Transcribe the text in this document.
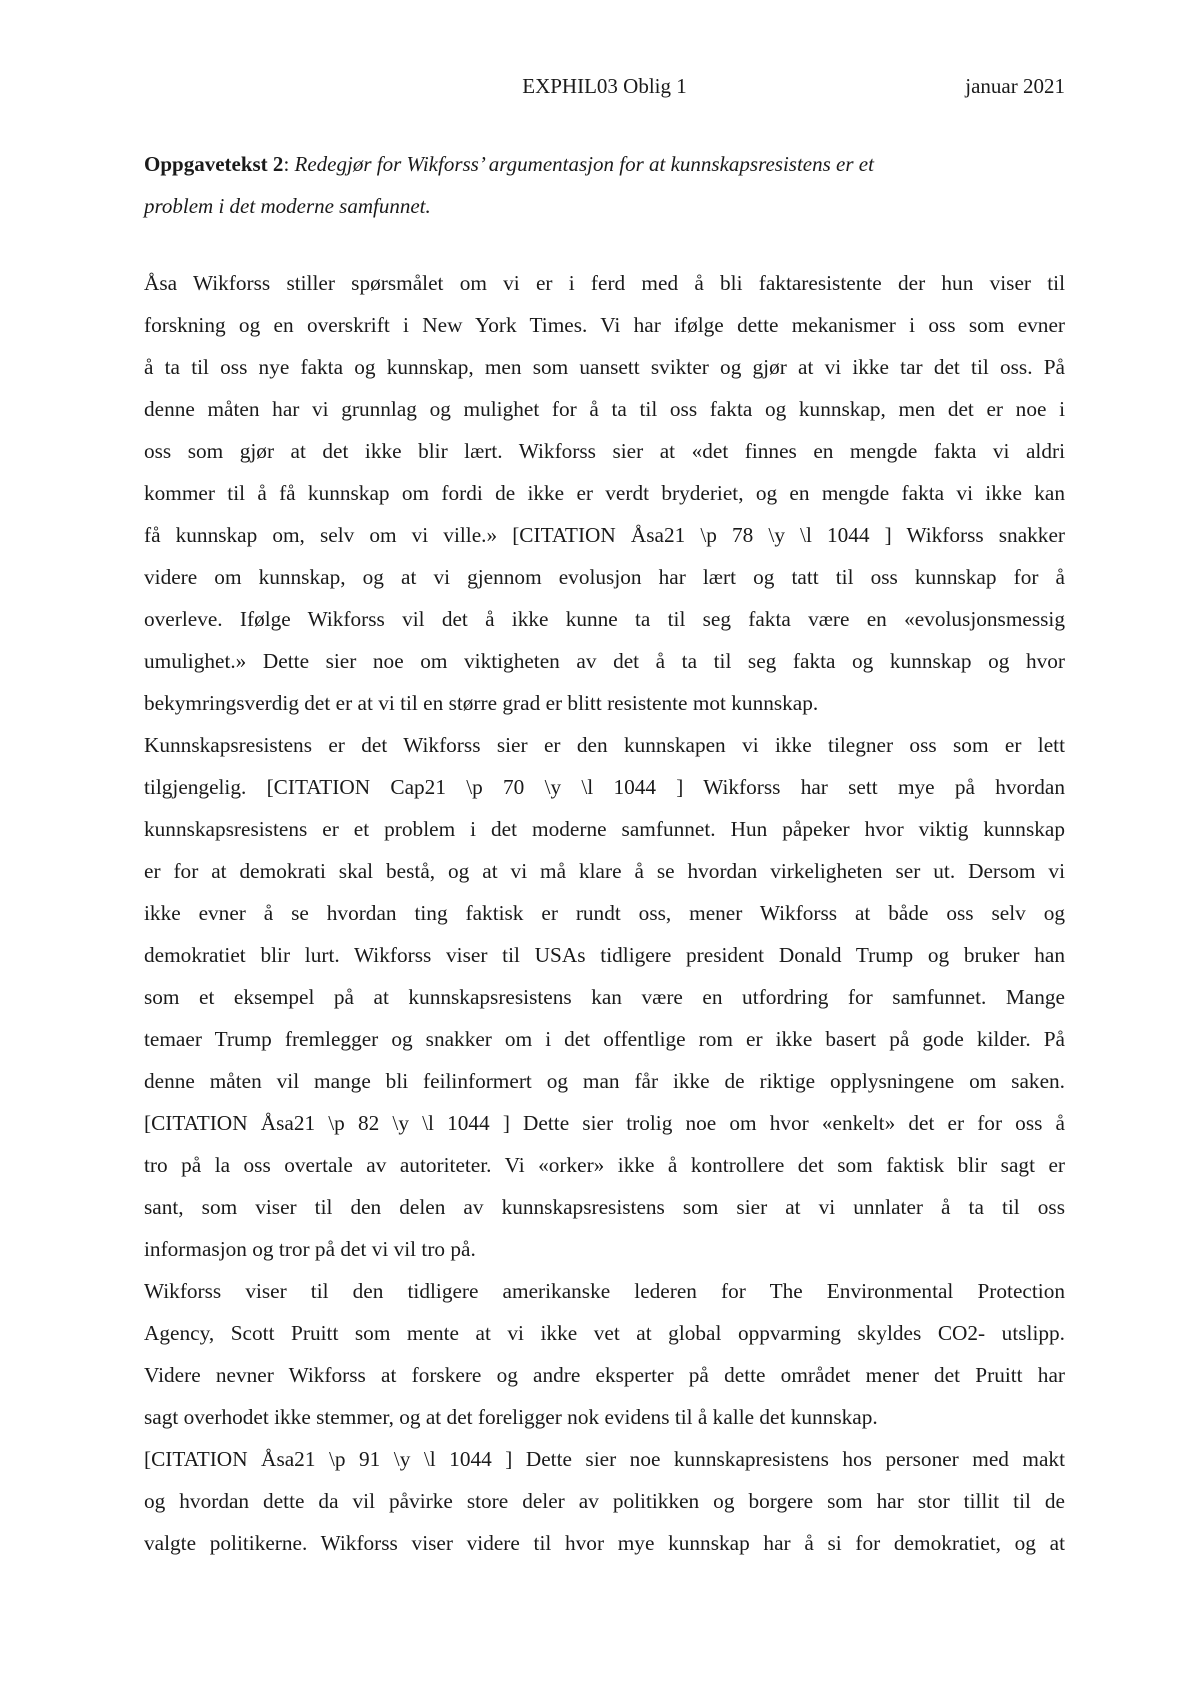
EXPHIL03 Oblig 1	januar 2021
Oppgavetekst 2: Redegjør for Wikforss’ argumentasjon for at kunnskapsresistens er et
problem i det moderne samfunnet.

Åsa Wikforss stiller spørsmålet om vi er i ferd med å bli faktaresistente der hun viser til
forskning og en overskrift i New York Times. Vi har ifølge dette mekanismer i oss som evner
å ta til oss nye fakta og kunnskap, men som uansett svikter og gjør at vi ikke tar det til oss. På
denne måten har vi grunnlag og mulighet for å ta til oss fakta og kunnskap, men det er noe i
oss som gjør at det ikke blir lært. Wikforss sier at «det finnes en mengde fakta vi aldri
kommer til å få kunnskap om fordi de ikke er verdt bryderiet, og en mengde fakta vi ikke kan
få kunnskap om, selv om vi ville.» [CITATION Åsa21 \p 78 \y \l 1044 ] Wikforss snakker
videre om kunnskap, og at vi gjennom evolusjon har lært og tatt til oss kunnskap for å
overleve. Ifølge Wikforss vil det å ikke kunne ta til seg fakta være en «evolusjonsmessig
umulighet.» Dette sier noe om viktigheten av det å ta til seg fakta og kunnskap og hvor
bekymringsverdig det er at vi til en større grad er blitt resistente mot kunnskap.
Kunnskapsresistens er det Wikforss sier er den kunnskapen vi ikke tilegner oss som er lett
tilgjengelig. [CITATION Cap21 \p 70 \y \l 1044 ] Wikforss har sett mye på hvordan
kunnskapsresistens er et problem i det moderne samfunnet. Hun påpeker hvor viktig kunnskap
er for at demokrati skal bestå, og at vi må klare å se hvordan virkeligheten ser ut. Dersom vi
ikke evner å se hvordan ting faktisk er rundt oss, mener Wikforss at både oss selv og
demokratiet blir lurt. Wikforss viser til USAs tidligere president Donald Trump og bruker han
som et eksempel på at kunnskapsresistens kan være en utfordring for samfunnet. Mange
temaer Trump fremlegger og snakker om i det offentlige rom er ikke basert på gode kilder. På
denne måten vil mange bli feilinformert og man får ikke de riktige opplysningene om saken.
[CITATION Åsa21 \p 82 \y \l 1044 ] Dette sier trolig noe om hvor «enkelt» det er for oss å
tro på la oss overtale av autoriteter. Vi «orker» ikke å kontrollere det som faktisk blir sagt er
sant, som viser til den delen av kunnskapsresistens som sier at vi unnlater å ta til oss
informasjon og tror på det vi vil tro på.

Wikforss viser til den tidligere amerikanske lederen for The Environmental Protection
Agency, Scott Pruitt som mente at vi ikke vet at global oppvarming skyldes CO2- utslipp.
Videre nevner Wikforss at forskere og andre eksperter på dette området mener det Pruitt har
sagt overhodet ikke stemmer, og at det foreligger nok evidens til å kalle det kunnskap.
[CITATION Åsa21 \p 91 \y \l 1044 ] Dette sier noe kunnskapresistens hos personer med makt
og hvordan dette da vil påvirke store deler av politikken og borgere som har stor tillit til de
valgte politikerne. Wikforss viser videre til hvor mye kunnskap har å si for demokratiet, og at
